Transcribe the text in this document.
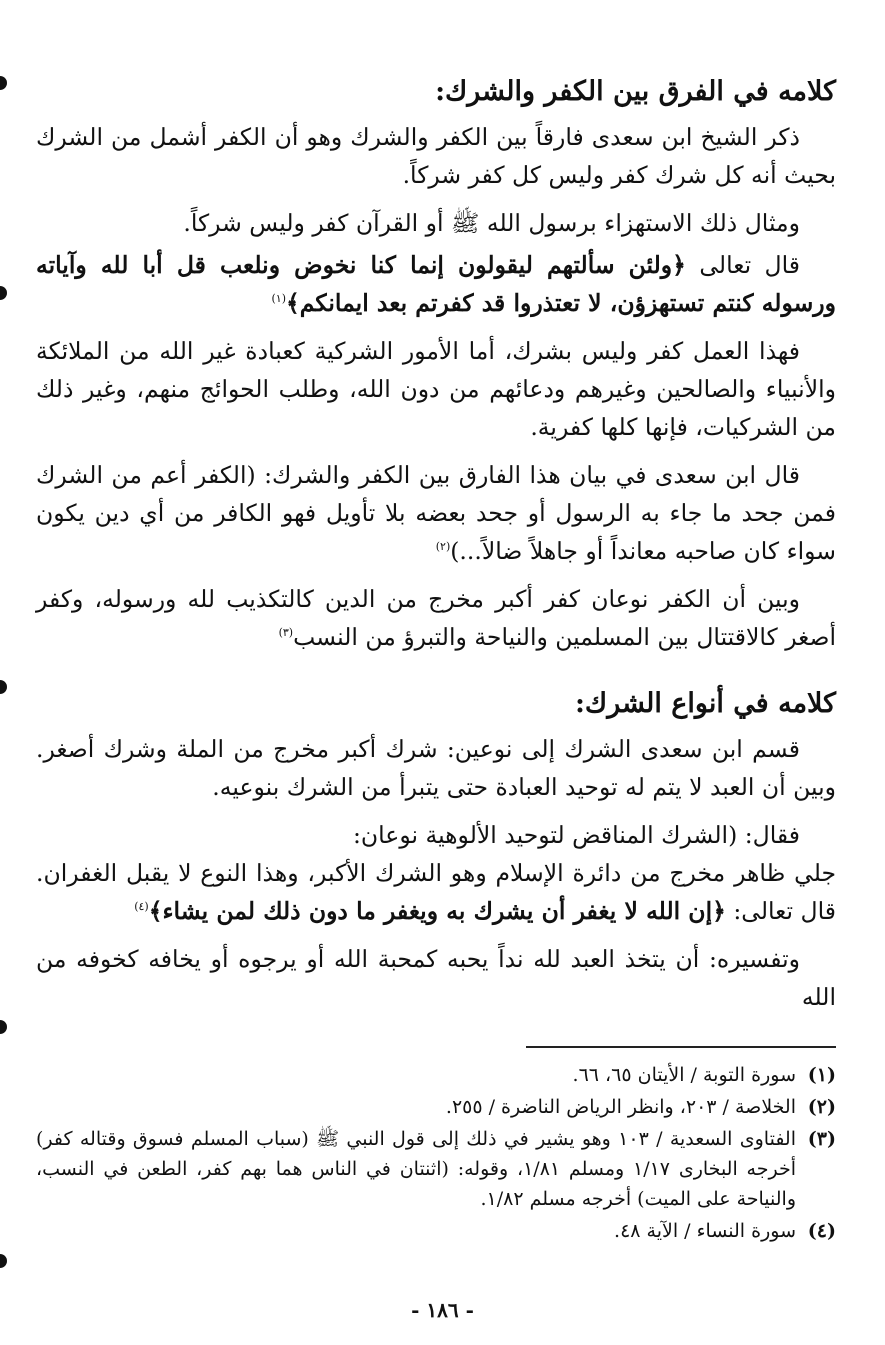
كلامه في الفرق بين الكفر والشرك:

ذكر الشيخ ابن سعدى فارقاً بين الكفر والشرك وهو أن الكفر أشمل من الشرك بحيث أنه كل شرك كفر وليس كل كفر شركاً.

ومثال ذلك الاستهزاء برسول الله ﷺ أو القرآن كفر وليس شركاً.

قال تعالى ﴿ولئن سألتهم ليقولون إنما كنا نخوض ونلعب قل أبا لله وآياته ورسوله كنتم تستهزؤن، لا تعتذروا قد كفرتم بعد ايمانكم﴾$^{(١)}$

فهذا العمل كفر وليس بشرك، أما الأمور الشركية كعبادة غير الله من الملائكة والأنبياء والصالحين وغيرهم ودعائهم من دون الله، وطلب الحوائج منهم، وغير ذلك من الشركيات، فإنها كلها كفرية.

قال ابن سعدى في بيان هذا الفارق بين الكفر والشرك: (الكفر أعم من الشرك فمن جحد ما جاء به الرسول أو جحد بعضه بلا تأويل فهو الكافر من أي دين يكون سواء كان صاحبه معانداً أو جاهلاً ضالاً...)$^{(٢)}$

وبين أن الكفر نوعان كفر أكبر مخرج من الدين كالتكذيب لله ورسوله، وكفر أصغر كالاقتتال بين المسلمين والنياحة والتبرؤ من النسب$^{(٣)}$

كلامه في أنواع الشرك:

قسم ابن سعدى الشرك إلى نوعين: شرك أكبر مخرج من الملة وشرك أصغر. وبين أن العبد لا يتم له توحيد العبادة حتى يتبرأ من الشرك بنوعيه.

فقال: (الشرك المناقض لتوحيد الألوهية نوعان:

جلي ظاهر مخرج من دائرة الإسلام وهو الشرك الأكبر، وهذا النوع لا يقبل الغفران. قال تعالى: ﴿إن الله لا يغفر أن يشرك به ويغفر ما دون ذلك لمن يشاء﴾$^{(٤)}$

وتفسيره: أن يتخذ العبد لله نداً يحبه كمحبة الله أو يرجوه أو يخافه كخوفه من الله

(١)
سورة التوبة / الأيتان ٦٥، ٦٦.
(٢)
الخلاصة / ٢٠٣، وانظر الرياض الناضرة / ٢٥٥.
(٣)
الفتاوى السعدية / ١٠٣ وهو يشير في ذلك إلى قول النبي ﷺ (سباب المسلم فسوق وقتاله كفر) أخرجه البخارى ١/١٧ ومسلم ١/٨١، وقوله: (اثنتان في الناس هما بهم كفر، الطعن في النسب، والنياحة على الميت) أخرجه مسلم ١/٨٢.
(٤)
سورة النساء / الآية ٤٨.
- ١٨٦ -
